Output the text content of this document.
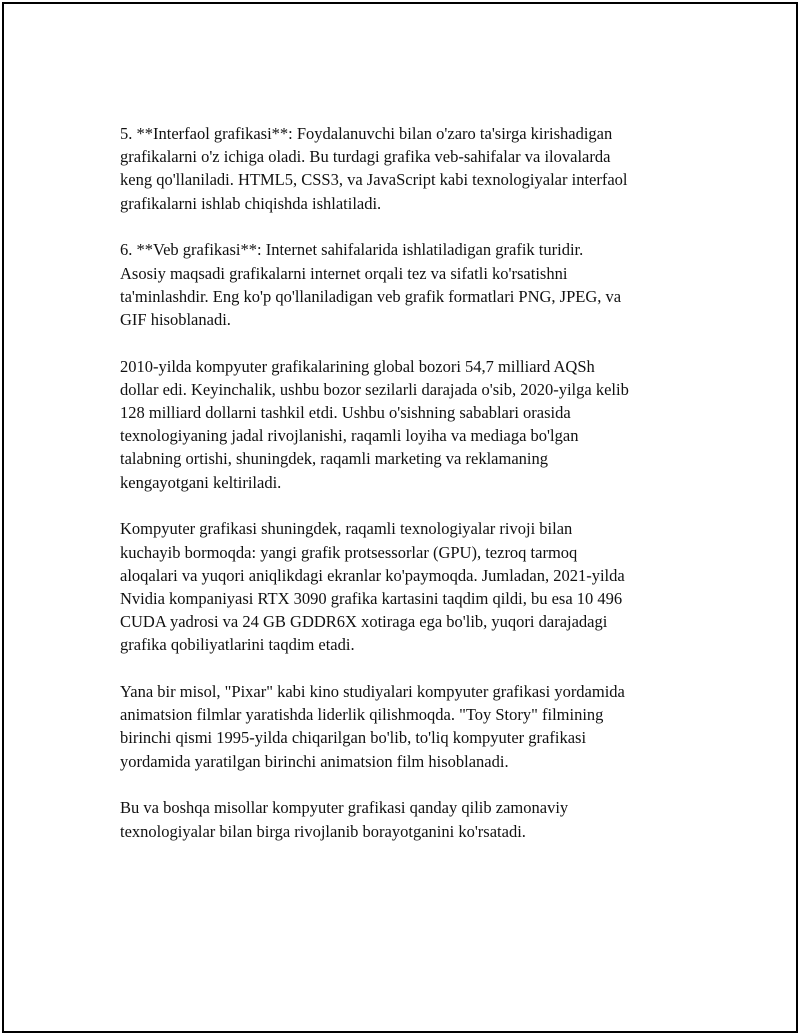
5. **Interfaol grafikasi**: Foydalanuvchi bilan o'zaro ta'sirga kirishadigan
grafikalarni o'z ichiga oladi. Bu turdagi grafika veb-sahifalar va ilovalarda
keng qo'llaniladi. HTML5, CSS3, va JavaScript kabi texnologiyalar interfaol
grafikalarni ishlab chiqishda ishlatiladi.

6. **Veb grafikasi**: Internet sahifalarida ishlatiladigan grafik turidir.
Asosiy maqsadi grafikalarni internet orqali tez va sifatli ko'rsatishni
ta'minlashdir. Eng ko'p qo'llaniladigan veb grafik formatlari PNG, JPEG, va
GIF hisoblanadi.

2010-yilda kompyuter grafikalarining global bozori 54,7 milliard AQSh
dollar edi. Keyinchalik, ushbu bozor sezilarli darajada o'sib, 2020-yilga kelib
128 milliard dollarni tashkil etdi. Ushbu o'sishning sabablari orasida
texnologiyaning jadal rivojlanishi, raqamli loyiha va mediaga bo'lgan
talabning ortishi, shuningdek, raqamli marketing va reklamaning
kengayotgani keltiriladi.

Kompyuter grafikasi shuningdek, raqamli texnologiyalar rivoji bilan
kuchayib bormoqda: yangi grafik protsessorlar (GPU), tezroq tarmoq
aloqalari va yuqori aniqlikdagi ekranlar ko'paymoqda. Jumladan, 2021-yilda
Nvidia kompaniyasi RTX 3090 grafika kartasini taqdim qildi, bu esa 10 496
CUDA yadrosi va 24 GB GDDR6X xotiraga ega bo'lib, yuqori darajadagi
grafika qobiliyatlarini taqdim etadi.

Yana bir misol, "Pixar" kabi kino studiyalari kompyuter grafikasi yordamida
animatsion filmlar yaratishda liderlik qilishmoqda. "Toy Story" filmining
birinchi qismi 1995-yilda chiqarilgan bo'lib, to'liq kompyuter grafikasi
yordamida yaratilgan birinchi animatsion film hisoblanadi.

Bu va boshqa misollar kompyuter grafikasi qanday qilib zamonaviy
texnologiyalar bilan birga rivojlanib borayotganini ko'rsatadi.
